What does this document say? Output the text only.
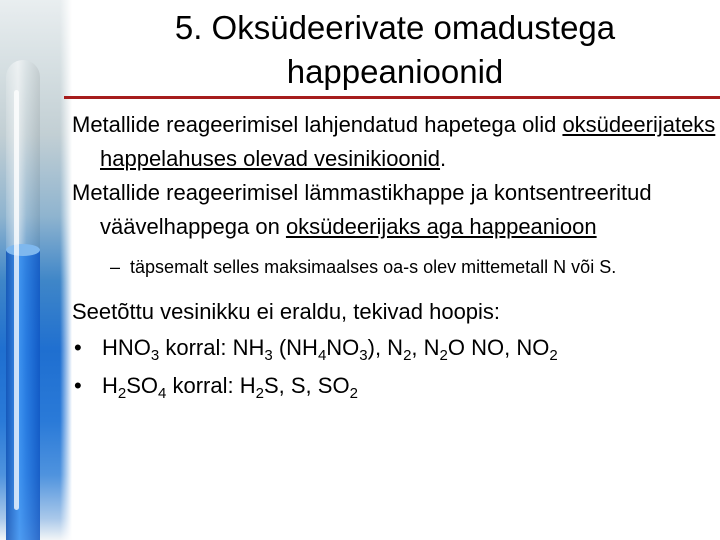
5. Oksüdeerivate omadustega
happeanioonid

Metallide reageerimisel lahjendatud hapetega olid oksüdeerijateks happelahuses olevad vesinikioonid.

Metallide reageerimisel lämmastikhappe ja kontsentreeritud väävelhappega on oksüdeerijaks aga happeanioon

– täpsemalt selles maksimaalses oa-s olev mittemetall N või S.

Seetõttu vesinikku ei eraldu, tekivad hoopis:

• $HNO_3$ korral: $NH_3$ $(NH_4NO_3)$, $N_2$, $N_2O$ NO, $NO_2$
• $H_2SO_4$ korral: $H_2S$, S, $SO_2$
